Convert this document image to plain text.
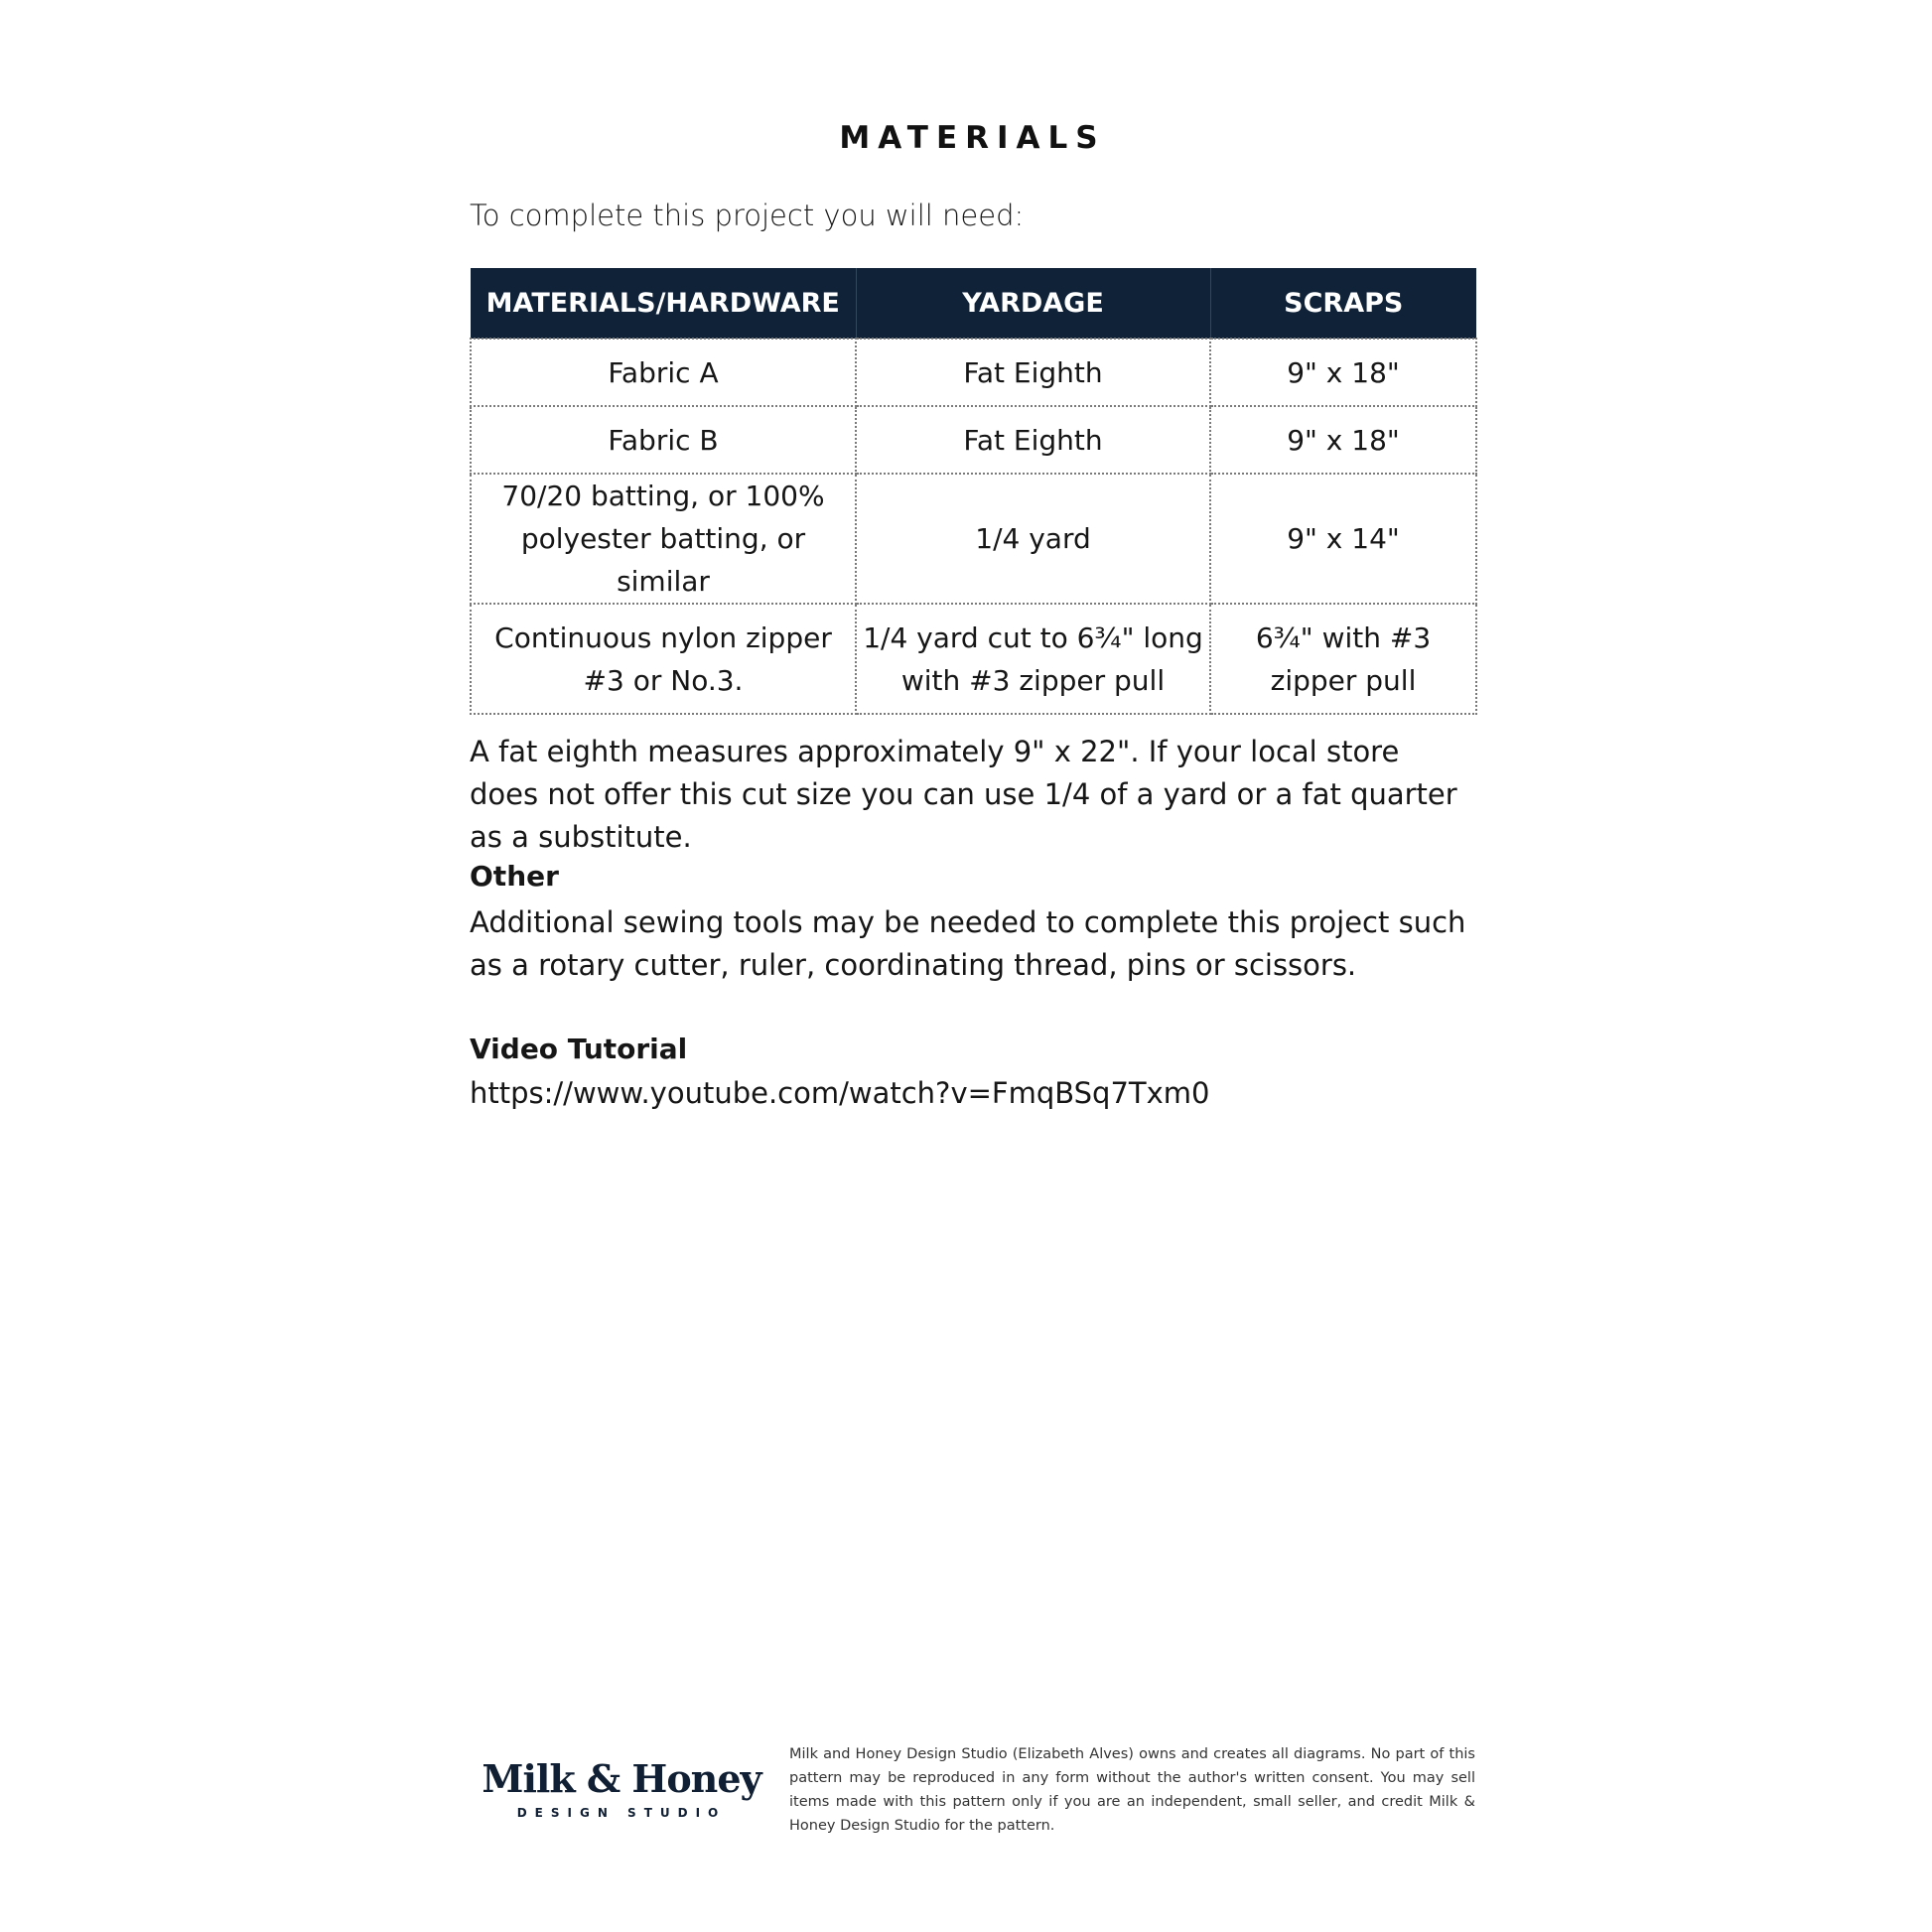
MATERIALS
To complete this project you will need:
MATERIALS/HARDWARE	YARDAGE	SCRAPS
Fabric A	Fat Eighth	9" x 18"
Fabric B	Fat Eighth	9" x 18"
70/20 batting, or 100% polyester batting, or similar	1/4 yard	9" x 14"
Continuous nylon zipper #3 or No.3.	1/4 yard cut to 6¾" long with #3 zipper pull	6¾" with #3 zipper pull
A fat eighth measures approximately 9" x 22". If your local store does not offer this cut size you can use 1/4 of a yard or a fat quarter as a substitute.
Other
Additional sewing tools may be needed to complete this project such as a rotary cutter, ruler, coordinating thread, pins or scissors.
Video Tutorial
https://www.youtube.com/watch?v=FmqBSq7Txm0
Milk & Honey
DESIGN STUDIO
Milk and Honey Design Studio (Elizabeth Alves) owns and creates all diagrams. No part of this pattern may be reproduced in any form without the author's written consent. You may sell items made with this pattern only if you are an independent, small seller, and credit Milk & Honey Design Studio for the pattern.
